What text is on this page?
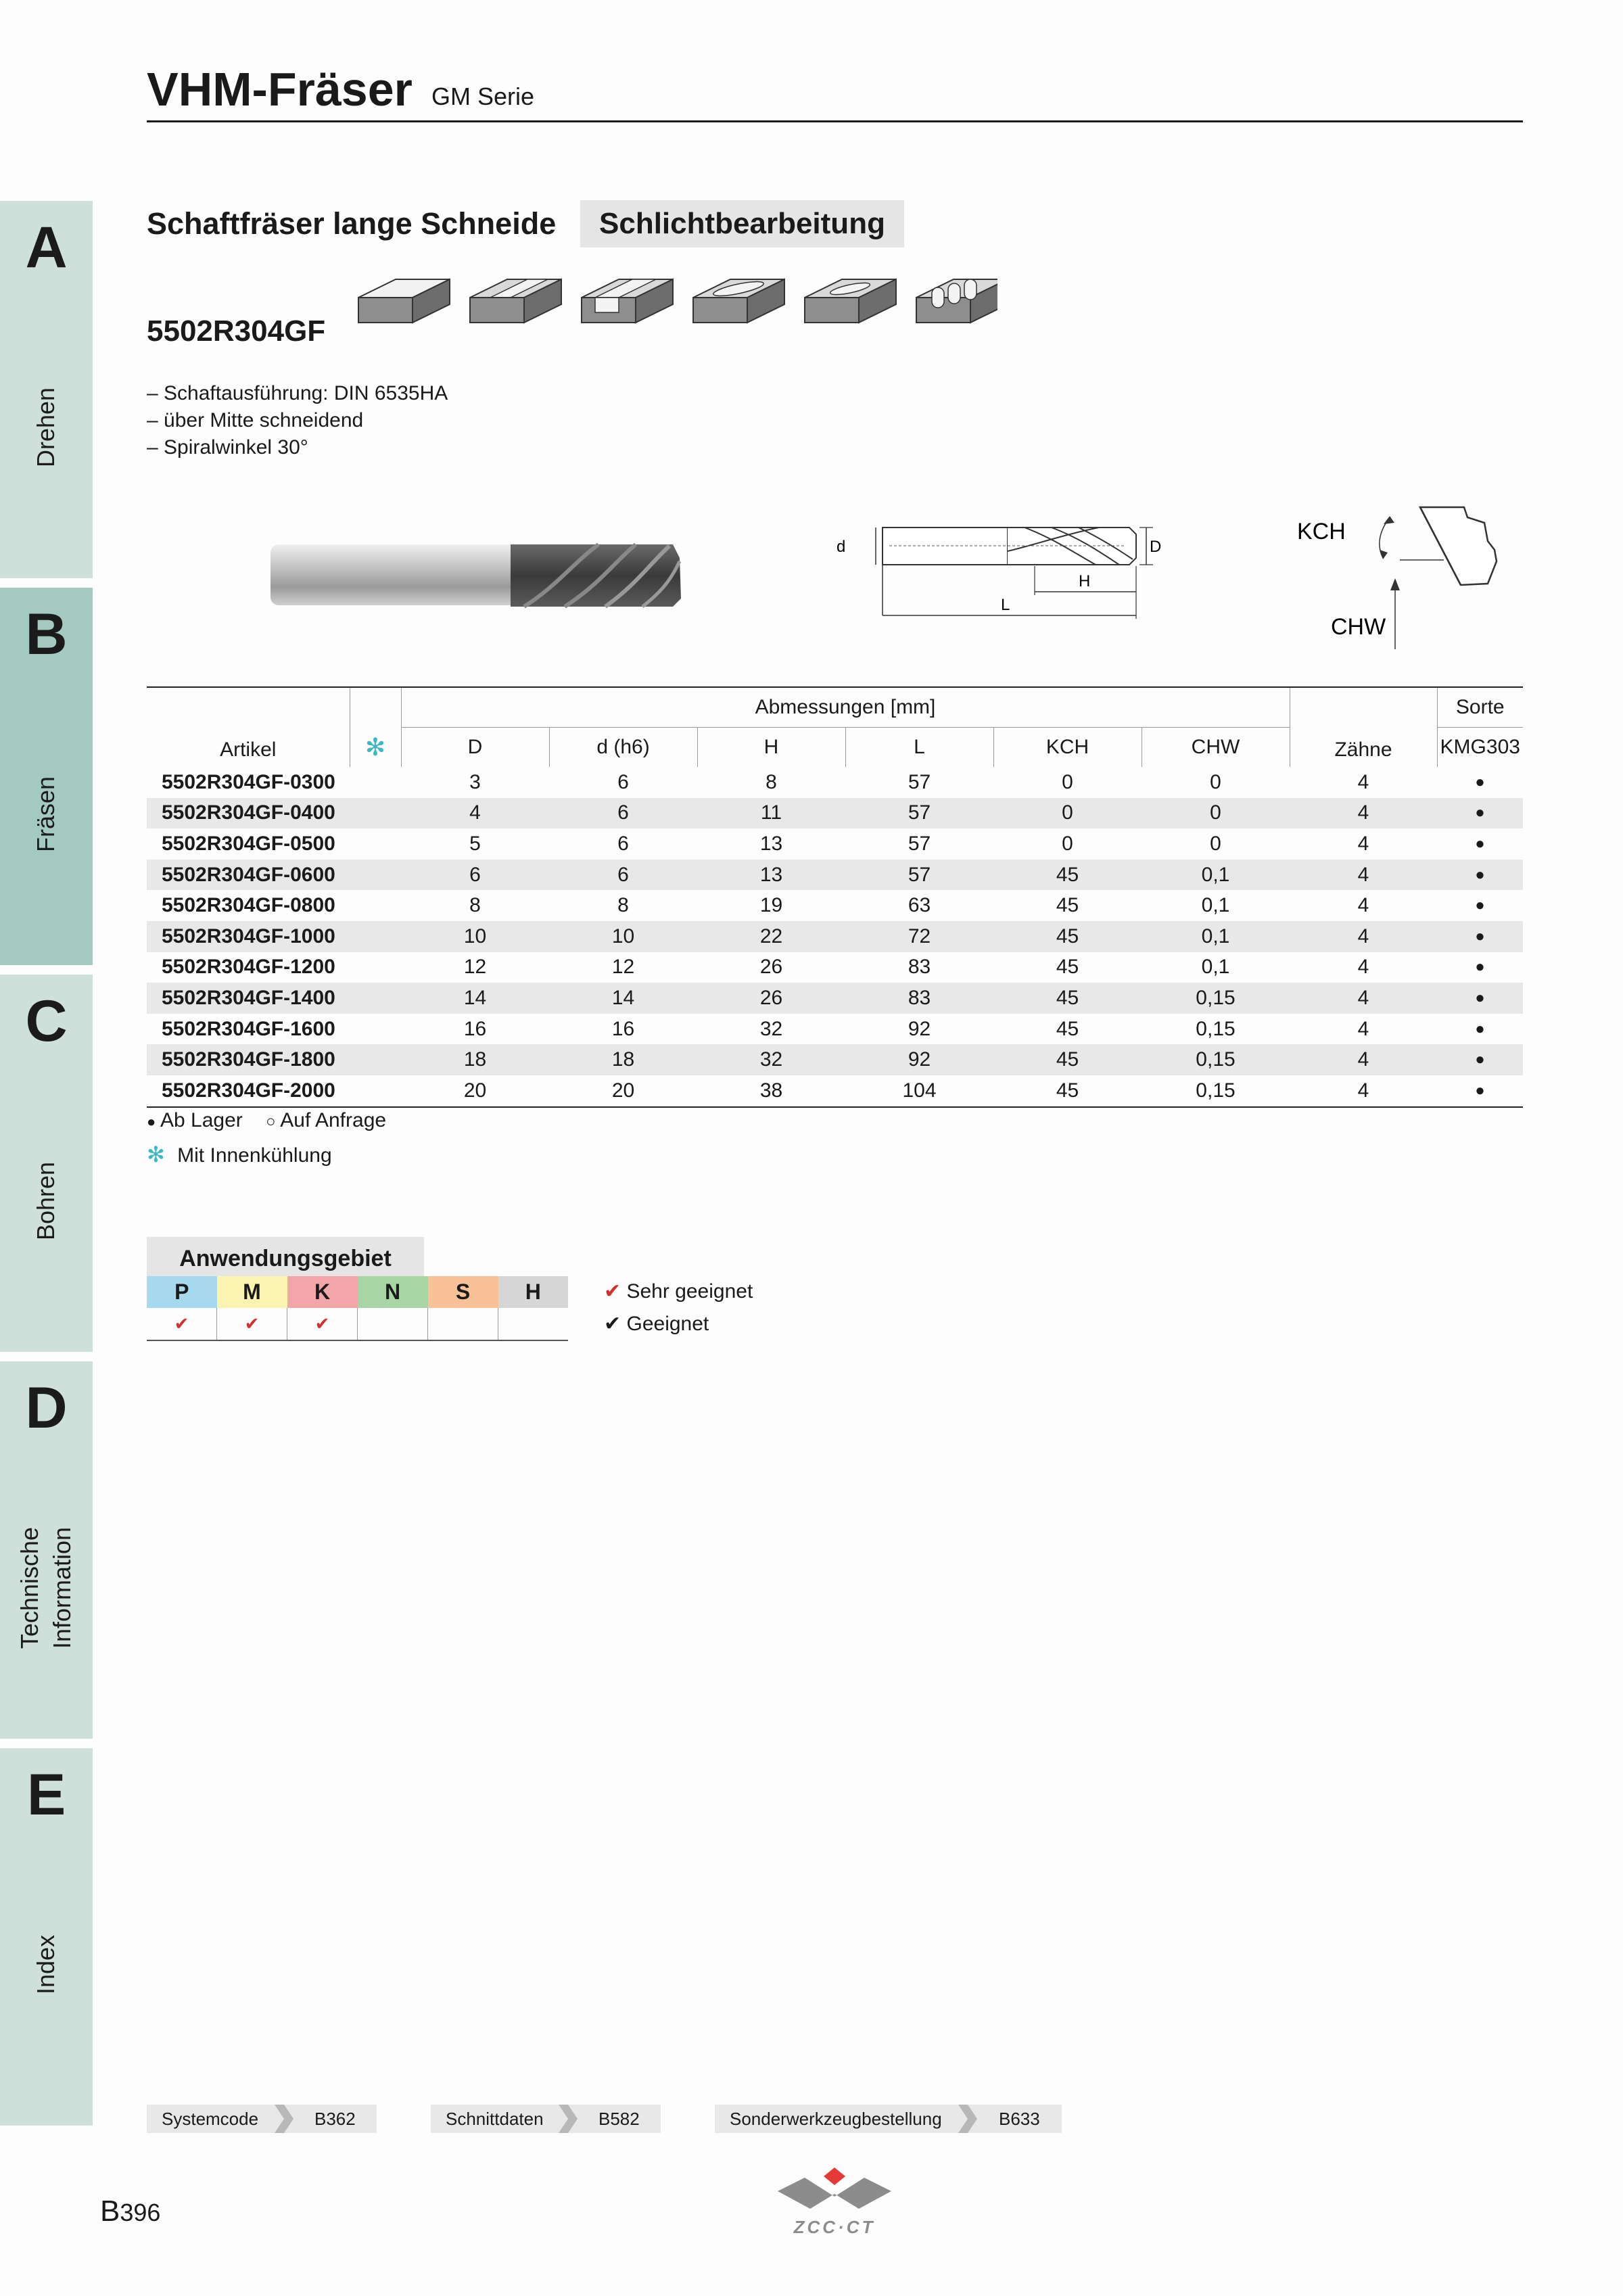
A
Drehen
B
Fräsen
C
Bohren
D
Technische Information
E
Index
VHM-Fräser GM Serie
Schaftfräser lange Schneide	Schlichtbearbeitung
5502R304GF
– Schaftausführung: DIN 6535HA
– über Mitte schneidend
– Spiralwinkel 30°
d	D
H
L
KCH
CHW
Artikel	✻	Abmessungen [mm]						Zähne	Sorte
		D	d (h6)	H	L	KCH	CHW		KMG303
5502R304GF-0300		3	6	8	57	0	0	4	●
5502R304GF-0400		4	6	11	57	0	0	4	●
5502R304GF-0500		5	6	13	57	0	0	4	●
5502R304GF-0600		6	6	13	57	45	0,1	4	●
5502R304GF-0800		8	8	19	63	45	0,1	4	●
5502R304GF-1000		10	10	22	72	45	0,1	4	●
5502R304GF-1200		12	12	26	83	45	0,1	4	●
5502R304GF-1400		14	14	26	83	45	0,15	4	●
5502R304GF-1600		16	16	32	92	45	0,15	4	●
5502R304GF-1800		18	18	32	92	45	0,15	4	●
5502R304GF-2000		20	20	38	104	45	0,15	4	●
● Ab Lager ○ Auf Anfrage
✻ Mit Innenkühlung
Anwendungsgebiet
P	M	K	N	S	H
✔	✔	✔			
✔ Sehr geeignet
✔ Geeignet
Systemcode	B362	Schnittdaten	B582	Sonderwerkzeugbestellung	B633
B396
ZCC·CT
